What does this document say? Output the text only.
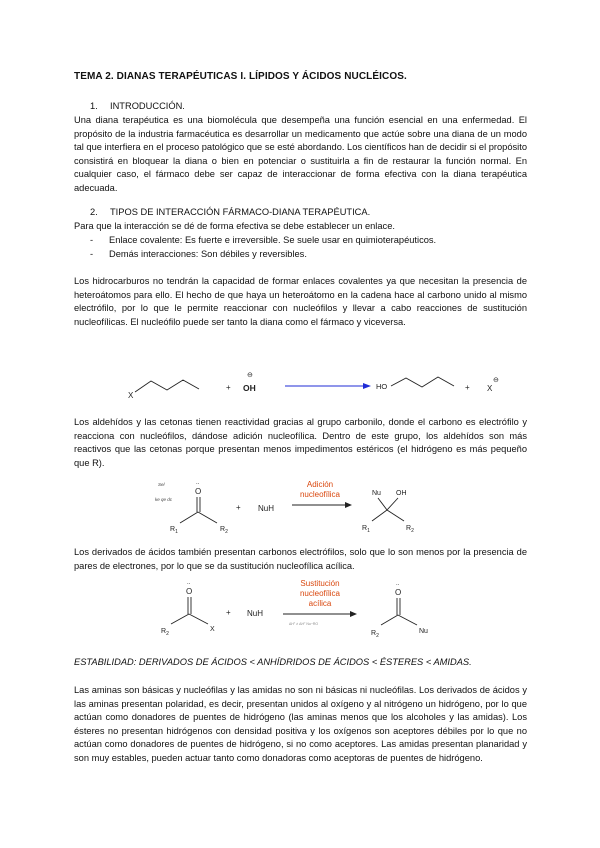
TEMA 2. DIANAS TERAPÉUTICAS I. LÍPIDOS Y ÁCIDOS NUCLÉICOS.

1. INTRODUCCIÓN.

Una diana terapéutica es una biomolécula que desempeña una función esencial en una enfermedad. El propósito de la industria farmacéutica es desarrollar un medicamento que actúe sobre una diana de un modo tal que interfiera en el proceso patológico que se esté abordando. Los científicos han de decidir si el propósito consistirá en bloquear la diana o bien en potenciar o sustituirla a fin de restaurar la función normal. En cualquier caso, el fármaco debe ser capaz de interaccionar de forma efectiva con la diana terapéutica adecuada.

2. TIPOS DE INTERACCIÓN FÁRMACO-DIANA TERAPÉUTICA.

Para que la interacción se dé de forma efectiva se debe establecer un enlace.

- Enlace covalente: Es fuerte e irreversible. Se suele usar en quimioterapéuticos.

- Demás interacciones: Son débiles y reversibles.

Los hidrocarburos no tendrán la capacidad de formar enlaces covalentes ya que necesitan la presencia de heteroátomos para ello. El hecho de que haya un heteroátomo en la cadena hace al carbono unido al mismo electrófilo, por lo que le permite reaccionar con nucleófilos y llevar a cabo reacciones de sustitución nucleofílicas. El nucleófilo puede ser tanto la diana como el fármaco y viceversa.

X
+
⊖
OH	HO	+ X
⊖

Los aldehídos y las cetonas tienen reactividad gracias al grupo carbonilo, donde el carbono es electrófilo y reacciona con nucleófilos, dándose adición nucleofílica. Dentro de este grupo, los aldehídos son más reactivos que las cetonas porque presentan menos impedimentos estéricos (el hidrógeno es más pequeño que R).

Sel
ke qe dc
..
O
$R_1$	$R_2$
+ NuH
Adición
nucleofílica	Nu OH
$R_1$	$R_2$

Los derivados de ácidos también presentan carbonos electrófilos, solo que lo son menos por la presencia de pares de electrones, por lo que se da sustitución nucleofílica acílica.

..
O
$R_2$
X
+ NuH
Sustitución
nucleofílica
acílica
ΔH° ≠ ΔH° Nu−RO
..
O
$R_2$
Nu

ESTABILIDAD: DERIVADOS DE ÁCIDOS < ANHÍDRIDOS DE ÁCIDOS < ÉSTERES < AMIDAS.

Las aminas son básicas y nucleófilas y las amidas no son ni básicas ni nucleófilas. Los derivados de ácidos y las aminas presentan polaridad, es decir, presentan unidos al oxígeno y al nitrógeno un hidrógeno, por lo que actúan como donadores de puentes de hidrógeno (las aminas menos que los alcoholes y las amidas). Los ésteres no presentan hidrógenos con densidad positiva y los oxígenos son aceptores débiles por lo que no actúan como donadores de puentes de hidrógeno, si no como aceptores. Las amidas presentan planaridad y son muy estables, pueden actuar tanto como donadoras como aceptoras de puentes de hidrógeno.
